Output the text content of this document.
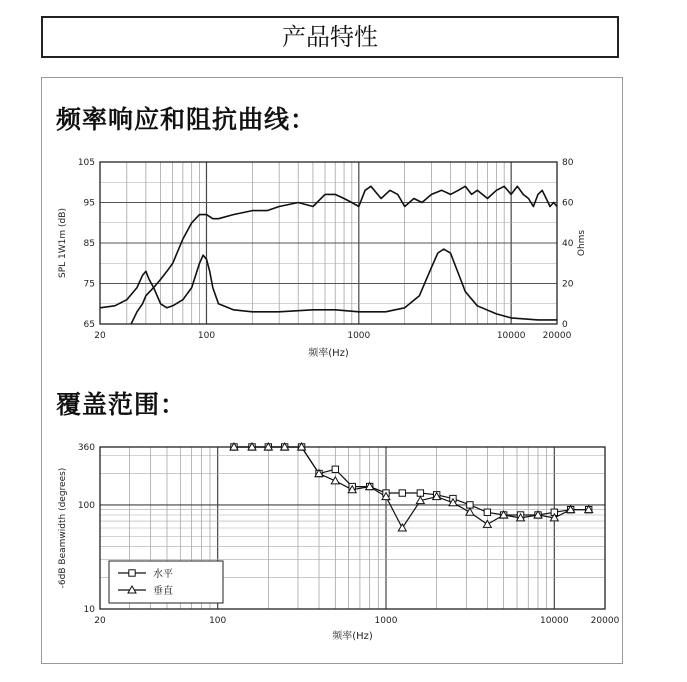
产品特性
频率响应和阻抗曲线：
覆盖范围：
20	100	1000	10000 20000
65
75
85
95
105
0
20
40
60
80
频率(Hz)
SPL 1W1m (dB)	Ohms
20	100	1000	10000 20000
10
100
360
频率(Hz)
-6dB Beamwidth (degrees)	水平
垂直
